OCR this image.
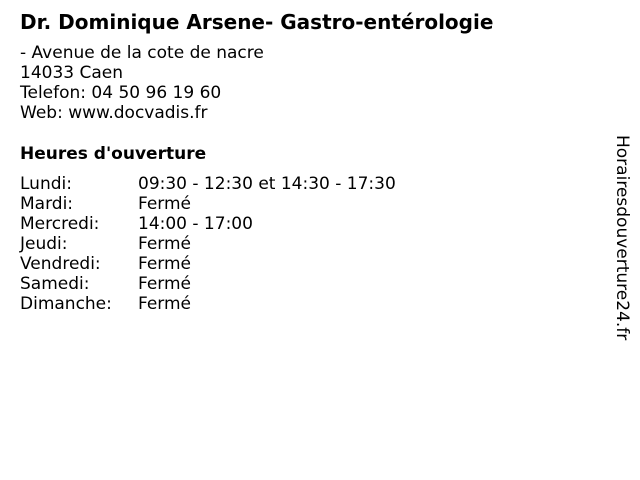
Dr. Dominique Arsene- Gastro-entérologie
- Avenue de la cote de nacre
14033 Caen
Telefon: 04 50 96 19 60
Web: www.docvadis.fr
Heures d'ouverture
Lundi:	09:30 - 12:30 et 14:30 - 17:30
Mardi:	Fermé
Mercredi: 14:00 - 17:00
Jeudi:	Fermé
Vendredi: Fermé
Samedi:	Fermé
Dimanche: Fermé	Horairesdouverture24.fr
